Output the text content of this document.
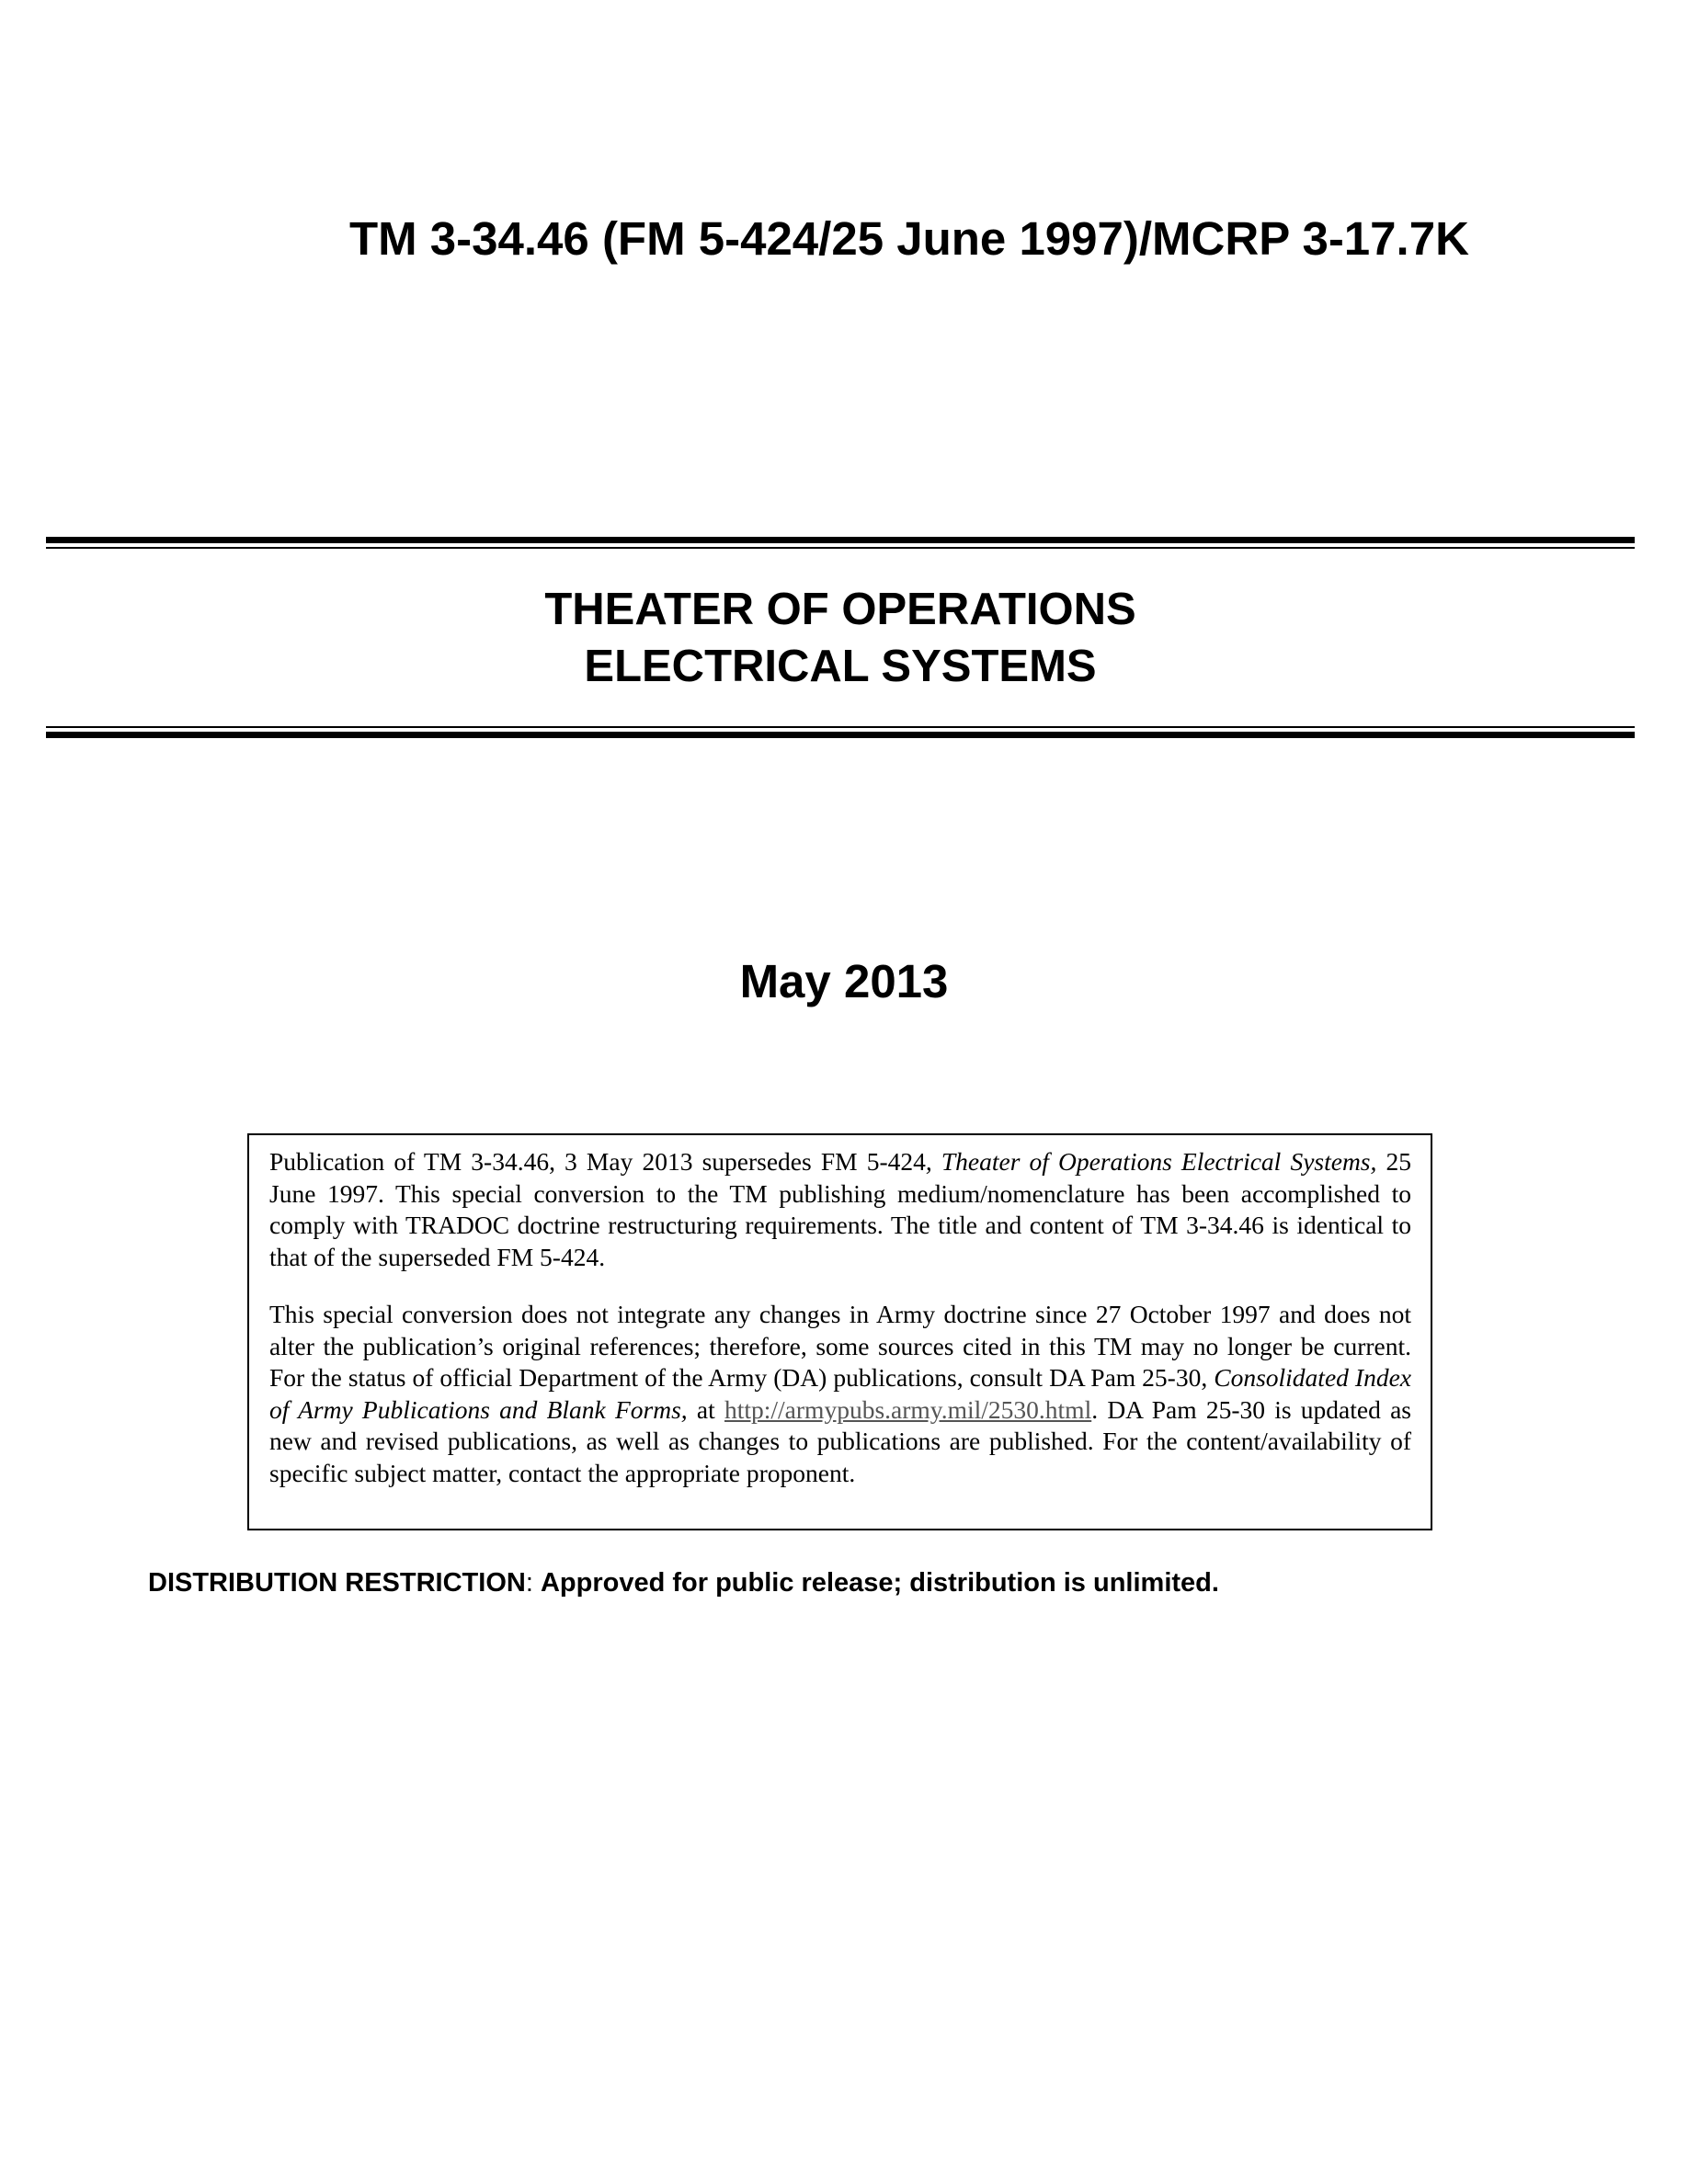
TM 3-34.46 (FM 5-424/25 June 1997)/MCRP 3-17.7K
THEATER OF OPERATIONS
ELECTRICAL SYSTEMS
May 2013

Publication of TM 3-34.46, 3 May 2013 supersedes FM 5-424, Theater of Operations Electrical Systems, 25 June 1997. This special conversion to the TM publishing medium/nomenclature has been accomplished to comply with TRADOC doctrine restructuring requirements. The title and content of TM 3-34.46 is identical to that of the superseded FM 5-424.

This special conversion does not integrate any changes in Army doctrine since 27 October 1997 and does not alter the publication’s original references; therefore, some sources cited in this TM may no longer be current. For the status of official Department of the Army (DA) publications, consult DA Pam 25-30, Consolidated Index of Army Publications and Blank Forms, at http://armypubs.army.mil/2530.html. DA Pam 25-30 is updated as new and revised publications, as well as changes to publications are published. For the content/availability of specific subject matter, contact the appropriate proponent.

DISTRIBUTION RESTRICTION: Approved for public release; distribution is unlimited.
